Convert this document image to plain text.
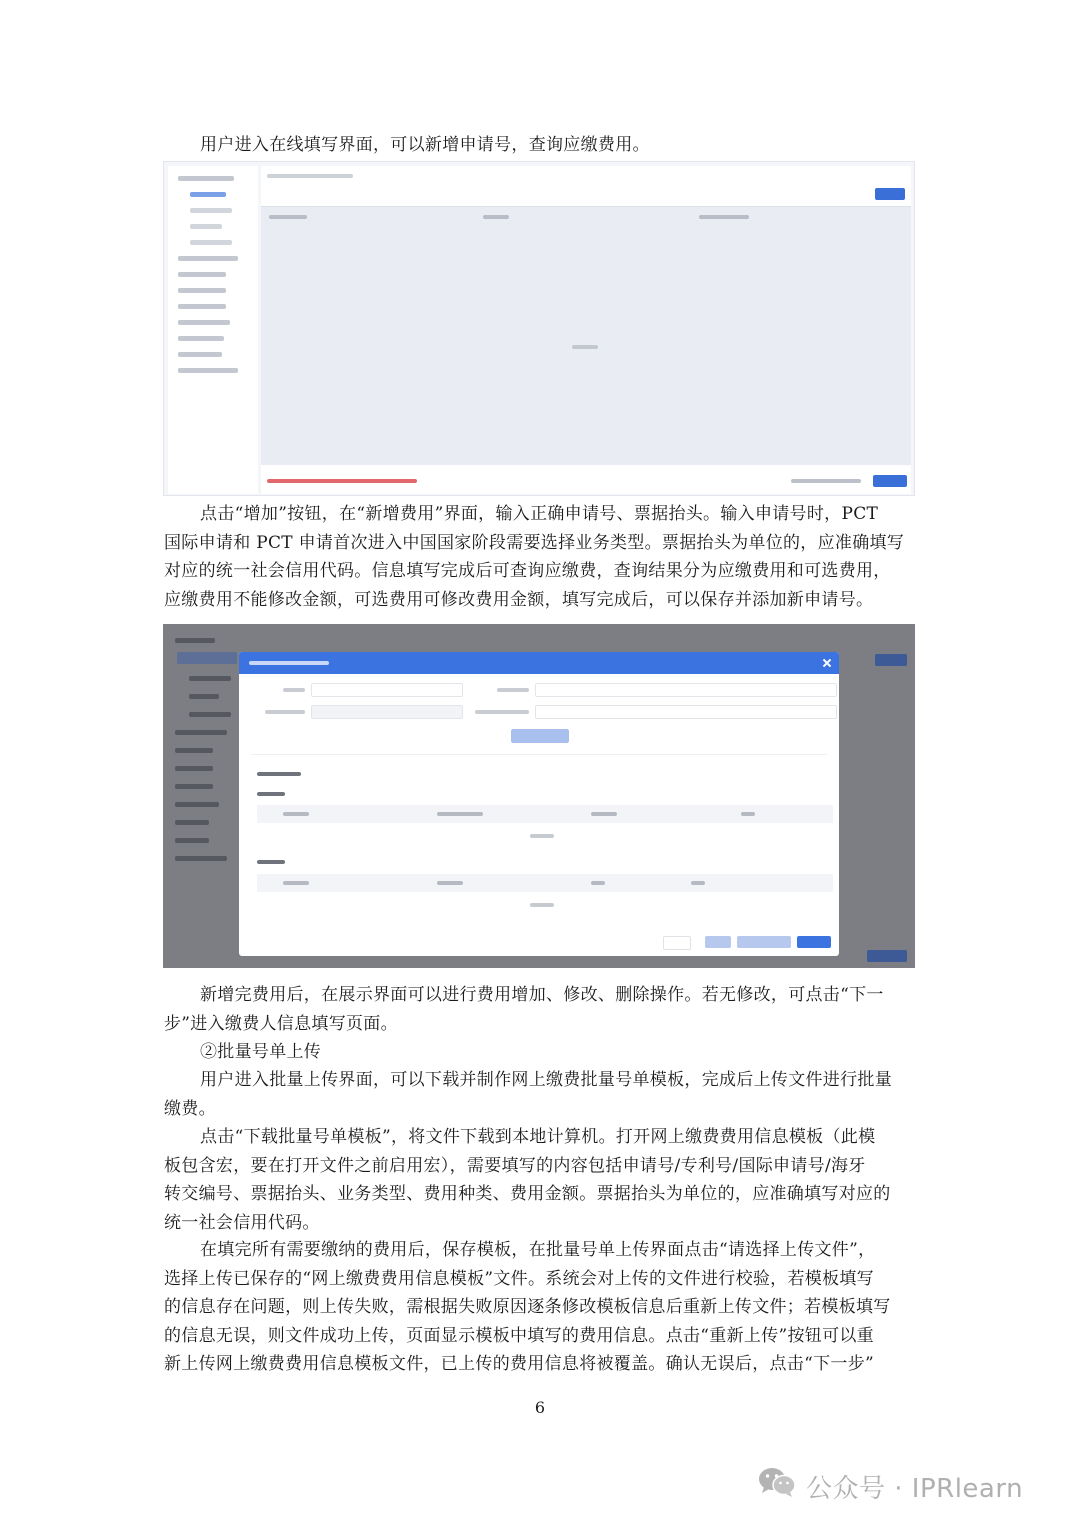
用户进入在线填写界面，可以新增申请号，查询应缴费用。

点击“增加”按钮，在“新增费用”界面，输入正确申请号、票据抬头。输入申请号时，PCT
国际申请和 PCT 申请首次进入中国国家阶段需要选择业务类型。票据抬头为单位的，应准确填写
对应的统一社会信用代码。信息填写完成后可查询应缴费，查询结果分为应缴费用和可选费用，
应缴费用不能修改金额，可选费用可修改费用金额，填写完成后，可以保存并添加新申请号。

新增完费用后，在展示界面可以进行费用增加、修改、删除操作。若无修改，可点击“下一
步”进入缴费人信息填写页面。

②批量号单上传

用户进入批量上传界面，可以下载并制作网上缴费批量号单模板，完成后上传文件进行批量
缴费。

点击“下载批量号单模板”，将文件下载到本地计算机。打开网上缴费费用信息模板（此模
板包含宏，要在打开文件之前启用宏），需要填写的内容包括申请号/专利号/国际申请号/海牙
转交编号、票据抬头、业务类型、费用种类、费用金额。票据抬头为单位的，应准确填写对应的
统一社会信用代码。

在填完所有需要缴纳的费用后，保存模板，在批量号单上传界面点击“请选择上传文件”，
选择上传已保存的“网上缴费费用信息模板”文件。系统会对上传的文件进行校验，若模板填写
的信息存在问题，则上传失败，需根据失败原因逐条修改模板信息后重新上传文件；若模板填写
的信息无误，则文件成功上传，页面显示模板中填写的费用信息。点击“重新上传”按钮可以重
新上传网上缴费费用信息模板文件，已上传的费用信息将被覆盖。确认无误后，点击“下一步”

6
公众号 · IPRlearn
